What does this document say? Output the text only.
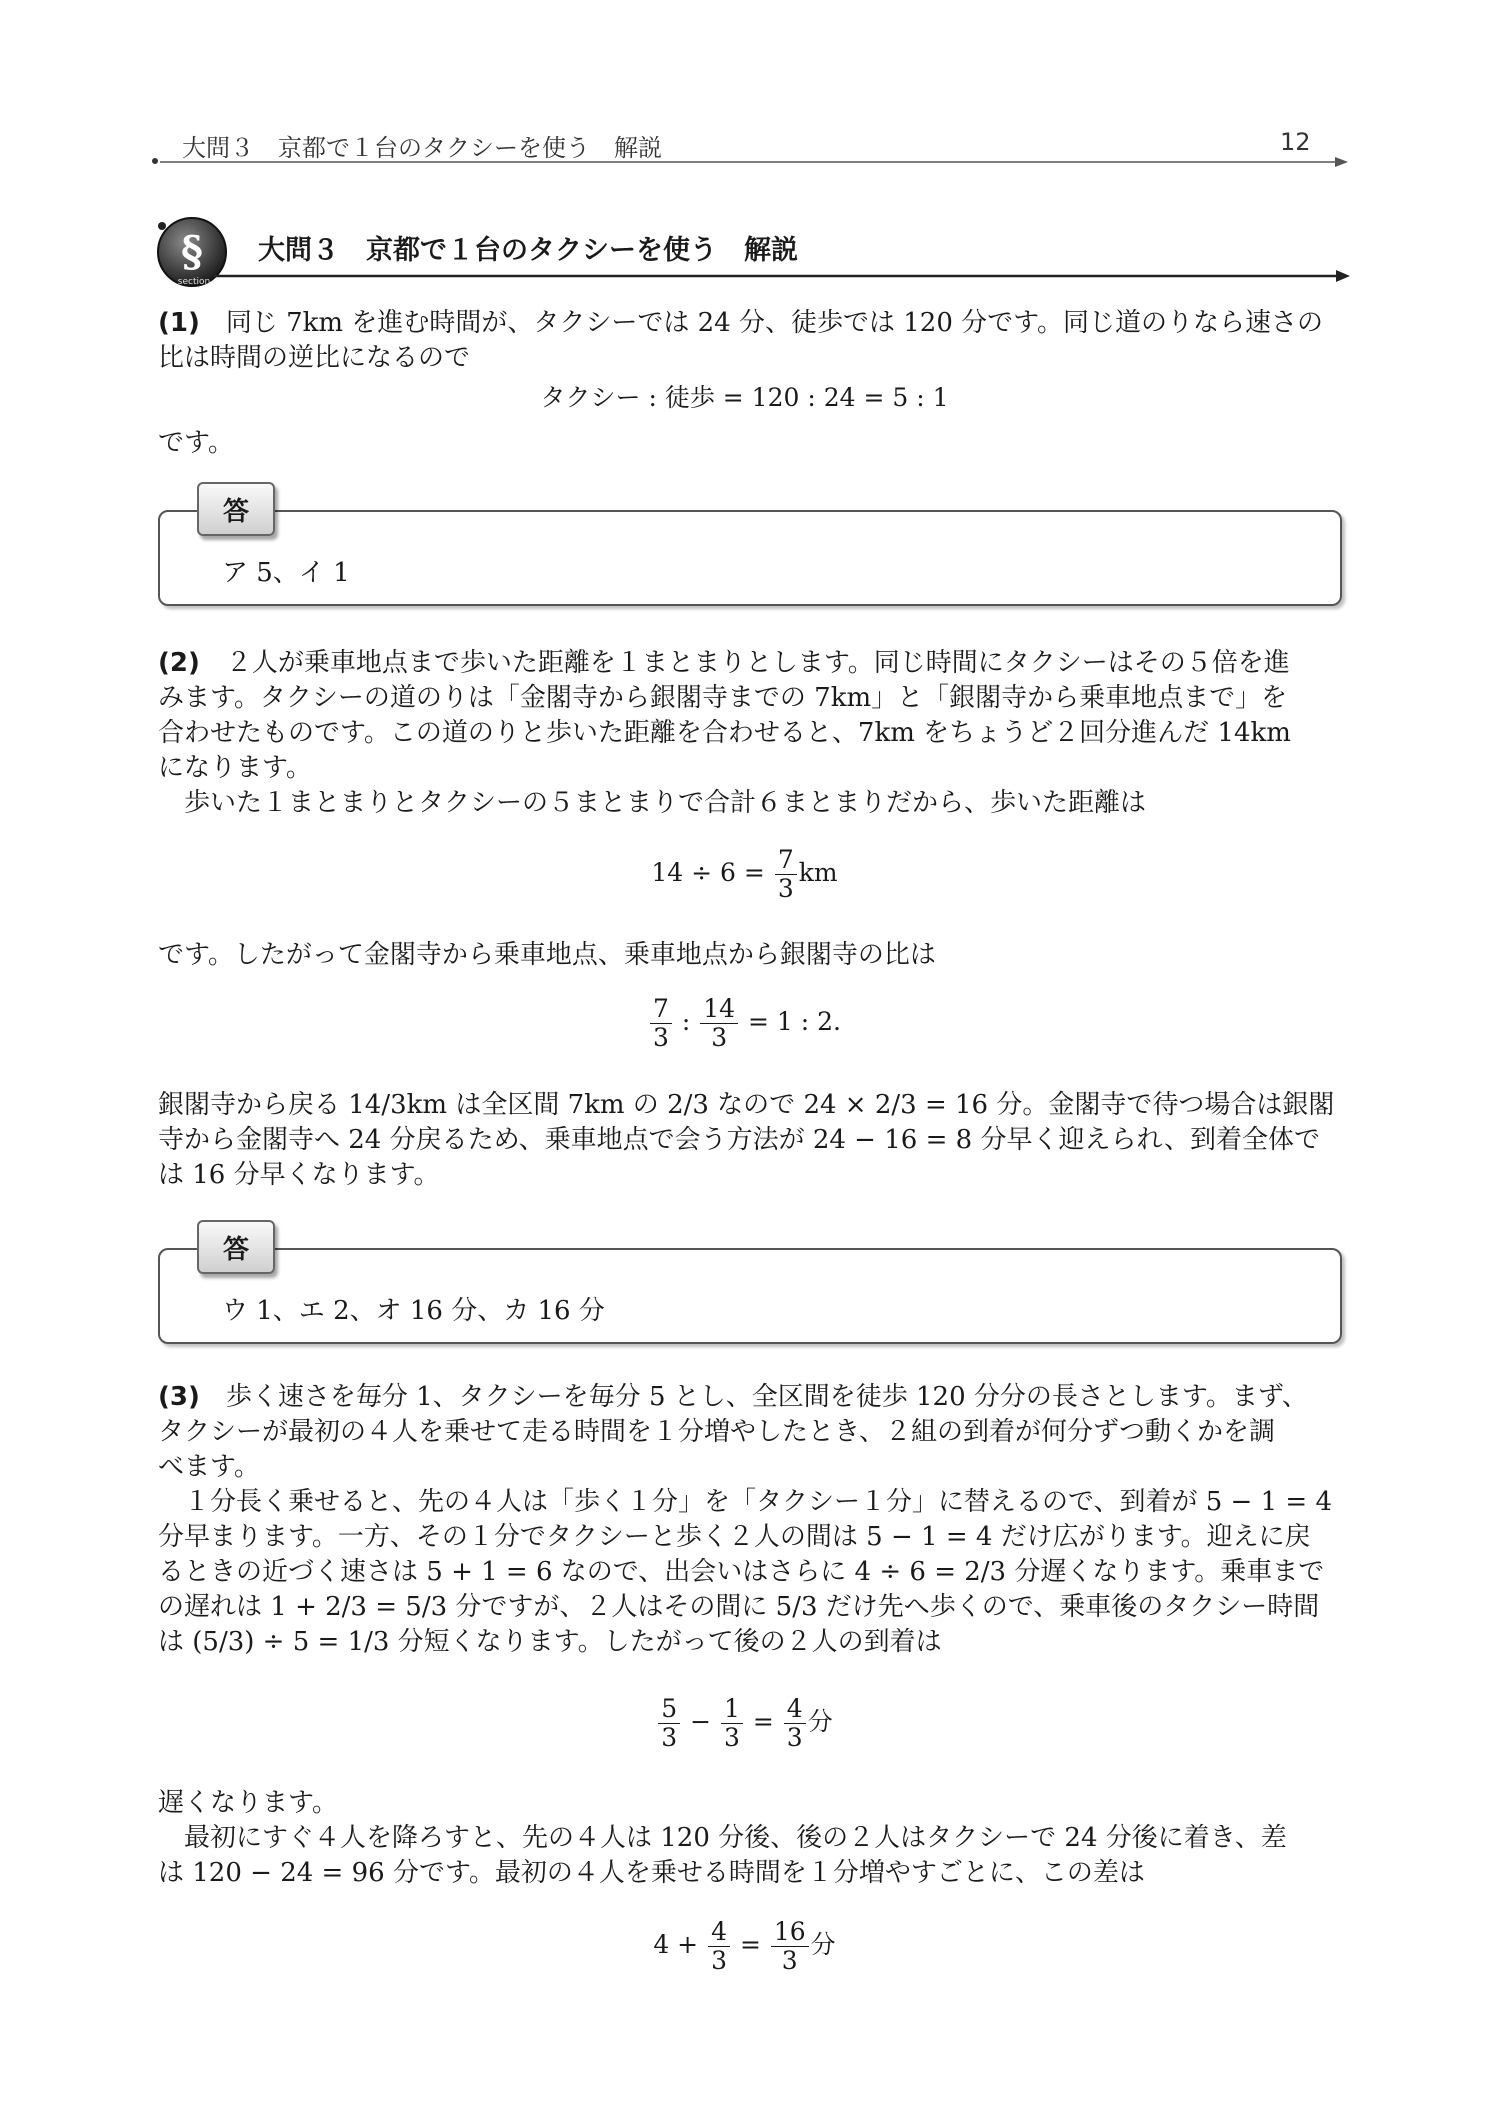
大問３　京都で１台のタクシーを使う　解説	12
§
section
大問３　京都で１台のタクシーを使う　解説
(1)　 同じ 7km を進む時間が、タクシーでは 24 分、徒歩では 120 分です。同じ道のりなら速さの
比は時間の逆比になるので
タクシー : 徒歩 = 120 : 24 = 5 : 1
です。
答
ア 5、イ 1
(2)　 ２人が乗車地点まで歩いた距離を１まとまりとします。同じ時間にタクシーはその５倍を進
みます。タクシーの道のりは「金閣寺から銀閣寺までの 7km」と「銀閣寺から乗車地点まで」を
合わせたものです。この道のりと歩いた距離を合わせると、7km をちょうど２回分進んだ 14km
になります。
歩いた１まとまりとタクシーの５まとまりで合計６まとまりだから、歩いた距離は
$14 \div 6 = \frac{7}{3}$ km
です。したがって金閣寺から乗車地点、乗車地点から銀閣寺の比は
$\frac{7}{3}$ : $\frac{14}{3} = 1$ : 2.
銀閣寺から戻る 14/3km は全区間 7km の 2/3 なので 24 × 2/3 = 16 分。金閣寺で待つ場合は銀閣
寺から金閣寺へ 24 分戻るため、乗車地点で会う方法が 24 − 16 = 8 分早く迎えられ、到着全体で
は 16 分早くなります。
答
ウ 1、エ 2、オ 16 分、カ 16 分
(3)　 歩く速さを毎分 1、タクシーを毎分 5 とし、全区間を徒歩 120 分分の長さとします。まず、
タクシーが最初の４人を乗せて走る時間を１分増やしたとき、２組の到着が何分ずつ動くかを調
べます。
１分長く乗せると、先の４人は「歩く１分」を「タクシー１分」に替えるので、到着が 5 − 1 = 4
分早まります。一方、その１分でタクシーと歩く２人の間は 5 − 1 = 4 だけ広がります。迎えに戻
るときの近づく速さは 5 + 1 = 6 なので、出会いはさらに 4 ÷ 6 = 2/3 分遅くなります。乗車まで
の遅れは 1 + 2/3 = 5/3 分ですが、２人はその間に 5/3 だけ先へ歩くので、乗車後のタクシー時間
は (5/3) ÷ 5 = 1/3 分短くなります。したがって後の２人の到着は
$\frac{5}{3} - \frac{1}{3} = \frac{4}{3}$ 分
遅くなります。
最初にすぐ４人を降ろすと、先の４人は 120 分後、後の２人はタクシーで 24 分後に着き、差
は 120 − 24 = 96 分です。最初の４人を乗せる時間を１分増やすごとに、この差は
$4 + \frac{4}{3} = \frac{16}{3}$ 分
